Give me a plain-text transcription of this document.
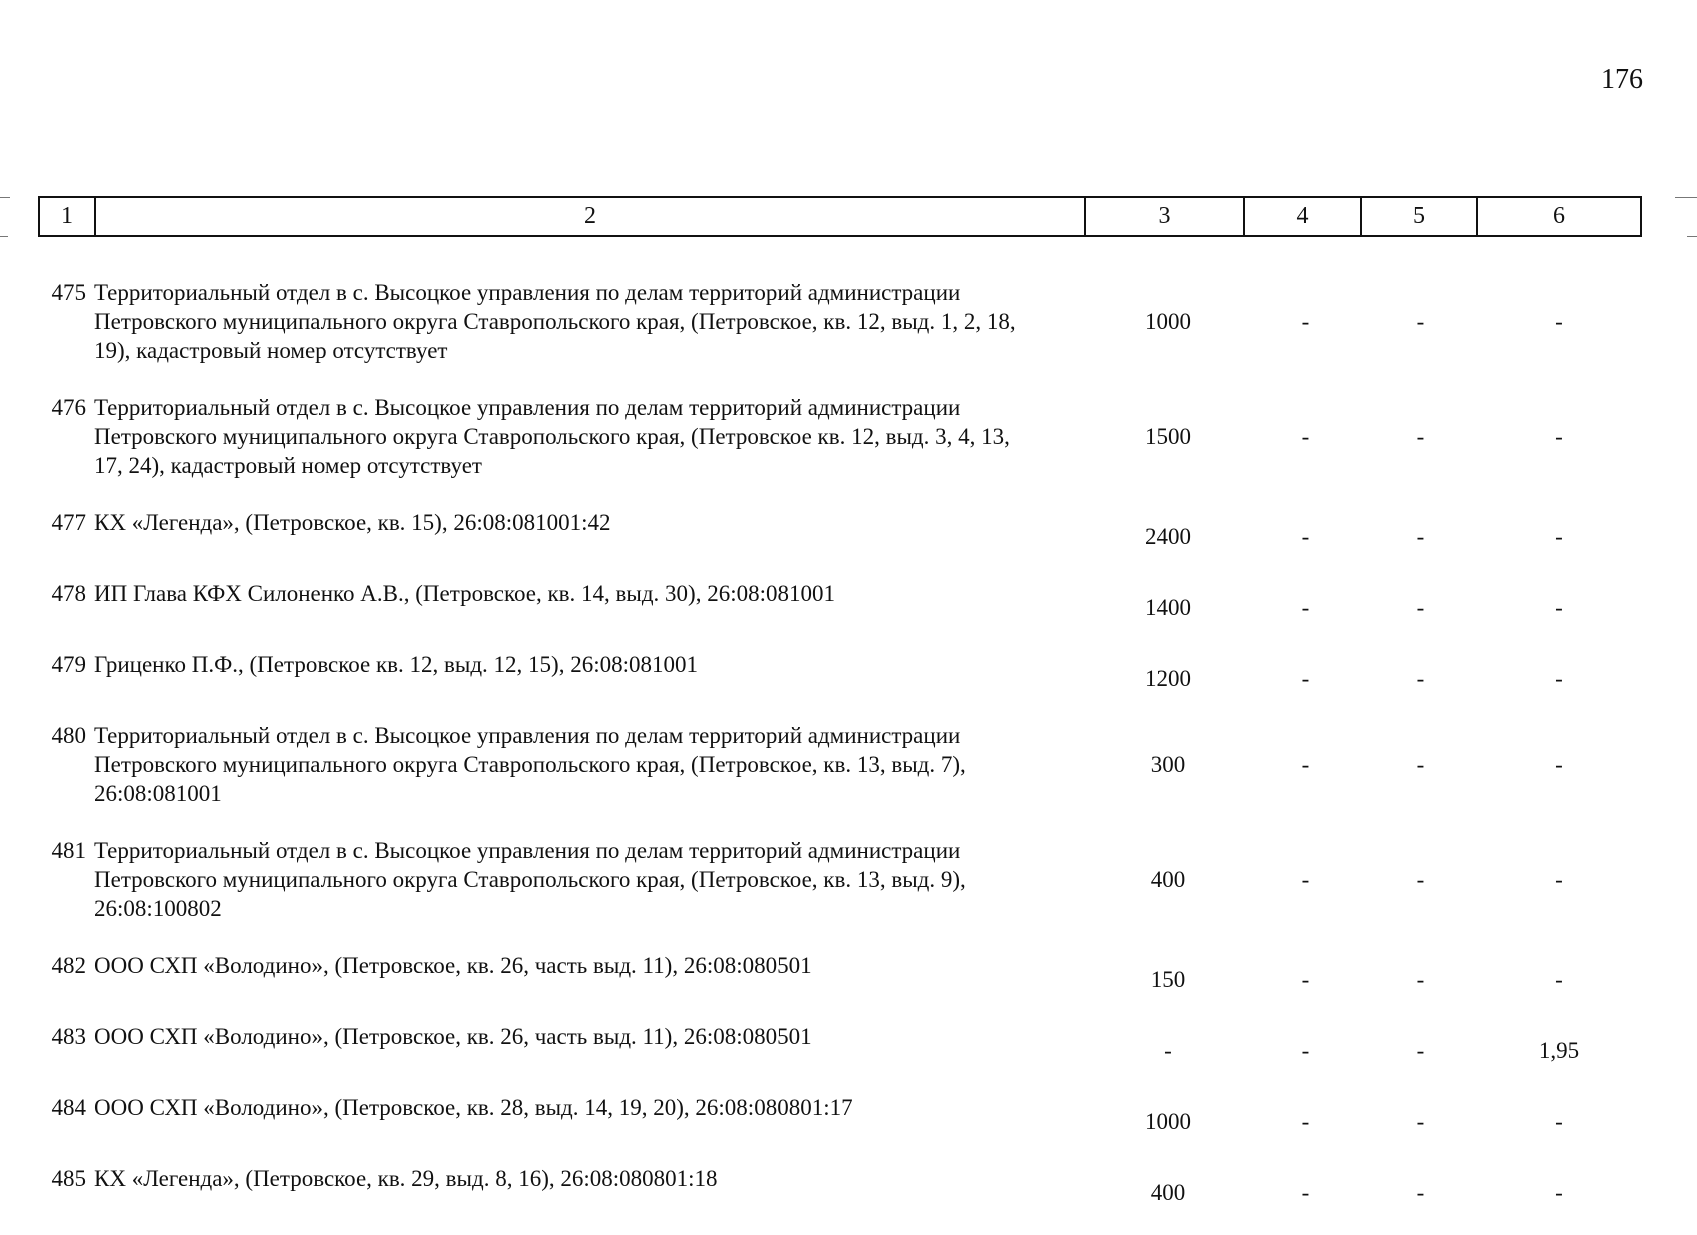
176
1	2	3	4	5	6
475 Территориальный отдел в с. Высоцкое управления по делам территорий администрации
Петровского муниципального округа Ставропольского края, (Петровское, кв. 12, выд. 1, 2, 18,
19), кадастровый номер отсутствует
1000	-	-	-
476 Территориальный отдел в с. Высоцкое управления по делам территорий администрации
Петровского муниципального округа Ставропольского края, (Петровское кв. 12, выд. 3, 4, 13,
17, 24), кадастровый номер отсутствует
1500	-	-	-
477 КХ «Легенда», (Петровское, кв. 15), 26:08:081001:42
2400	-	-	-
478 ИП Глава КФХ Силоненко А.В., (Петровское, кв. 14, выд. 30), 26:08:081001
1400	-	-	-
479 Гриценко П.Ф., (Петровское кв. 12, выд. 12, 15), 26:08:081001
1200	-	-	-
480 Территориальный отдел в с. Высоцкое управления по делам территорий администрации
Петровского муниципального округа Ставропольского края, (Петровское, кв. 13, выд. 7),
26:08:081001
300	-	-	-
481 Территориальный отдел в с. Высоцкое управления по делам территорий администрации
Петровского муниципального округа Ставропольского края, (Петровское, кв. 13, выд. 9),
26:08:100802
400	-	-	-
482 ООО СХП «Володино», (Петровское, кв. 26, часть выд. 11), 26:08:080501
150	-	-	-
483 ООО СХП «Володино», (Петровское, кв. 26, часть выд. 11), 26:08:080501
-	-	-	1,95
484 ООО СХП «Володино», (Петровское, кв. 28, выд. 14, 19, 20), 26:08:080801:17
1000	-	-	-
485 КХ «Легенда», (Петровское, кв. 29, выд. 8, 16), 26:08:080801:18
400	-	-	-
